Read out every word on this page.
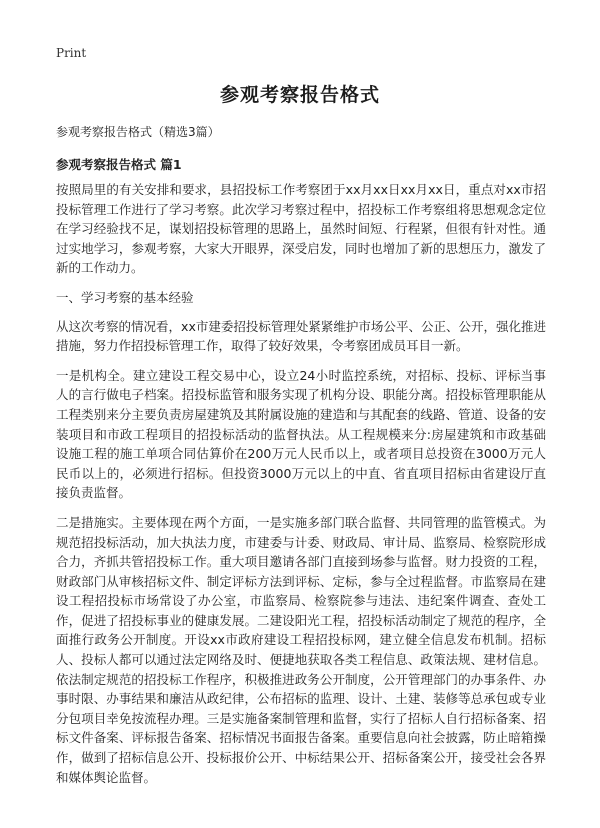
Print
参观考察报告格式
参观考察报告格式（精选3篇）
参观考察报告格式 篇1

按照局里的有关安排和要求，县招投标工作考察团于xx月xx日xx月xx日，重点对xx市招投标管理工作进行了学习考察。此次学习考察过程中，招投标工作考察组将思想观念定位在学习经验找不足，谋划招投标管理的思路上，虽然时间短、行程紧，但很有针对性。通过实地学习，参观考察，大家大开眼界，深受启发，同时也增加了新的思想压力，激发了新的工作动力。

一、学习考察的基本经验

从这次考察的情况看，xx市建委招投标管理处紧紧维护市场公平、公正、公开，强化推进措施，努力作招投标管理工作，取得了较好效果，令考察团成员耳目一新。

一是机构全。建立建设工程交易中心，设立24小时监控系统，对招标、投标、评标当事人的言行做电子档案。招投标监管和服务实现了机构分设、职能分离。招投标管理职能从工程类别来分主要负责房屋建筑及其附属设施的建造和与其配套的线路、管道、设备的安装项目和市政工程项目的招投标活动的监督执法。从工程规模来分:房屋建筑和市政基础设施工程的施工单项合同估算价在200万元人民币以上，或者项目总投资在3000万元人民币以上的，必须进行招标。但投资3000万元以上的中直、省直项目招标由省建设厅直接负责监督。

二是措施实。主要体现在两个方面，一是实施多部门联合监督、共同管理的监管模式。为规范招投标活动，加大执法力度，市建委与计委、财政局、审计局、监察局、检察院形成合力，齐抓共管招投标工作。重大项目邀请各部门直接到场参与监督。财力投资的工程，财政部门从审核招标文件、制定评标方法到评标、定标，参与全过程监督。市监察局在建设工程招投标市场常设了办公室，市监察局、检察院参与违法、违纪案件调查、查处工作，促进了招投标事业的健康发展。二建设阳光工程，招投标活动制定了规范的程序，全面推行政务公开制度。开设xx市政府建设工程招投标网，建立健全信息发布机制。招标人、投标人都可以通过法定网络及时、便捷地获取各类工程信息、政策法规、建材信息。依法制定规范的招投标工作程序，积极推进政务公开制度，公开管理部门的办事条件、办事时限、办事结果和廉洁从政纪律，公布招标的监理、设计、土建、装修等总承包或专业分包项目幸免按流程办理。三是实施备案制管理和监督，实行了招标人自行招标备案、招标文件备案、评标报告备案、招标情况书面报告备案。重要信息向社会披露，防止暗箱操作，做到了招标信息公开、投标报价公开、中标结果公开、招标备案公开，接受社会各界和媒体舆论监督。
